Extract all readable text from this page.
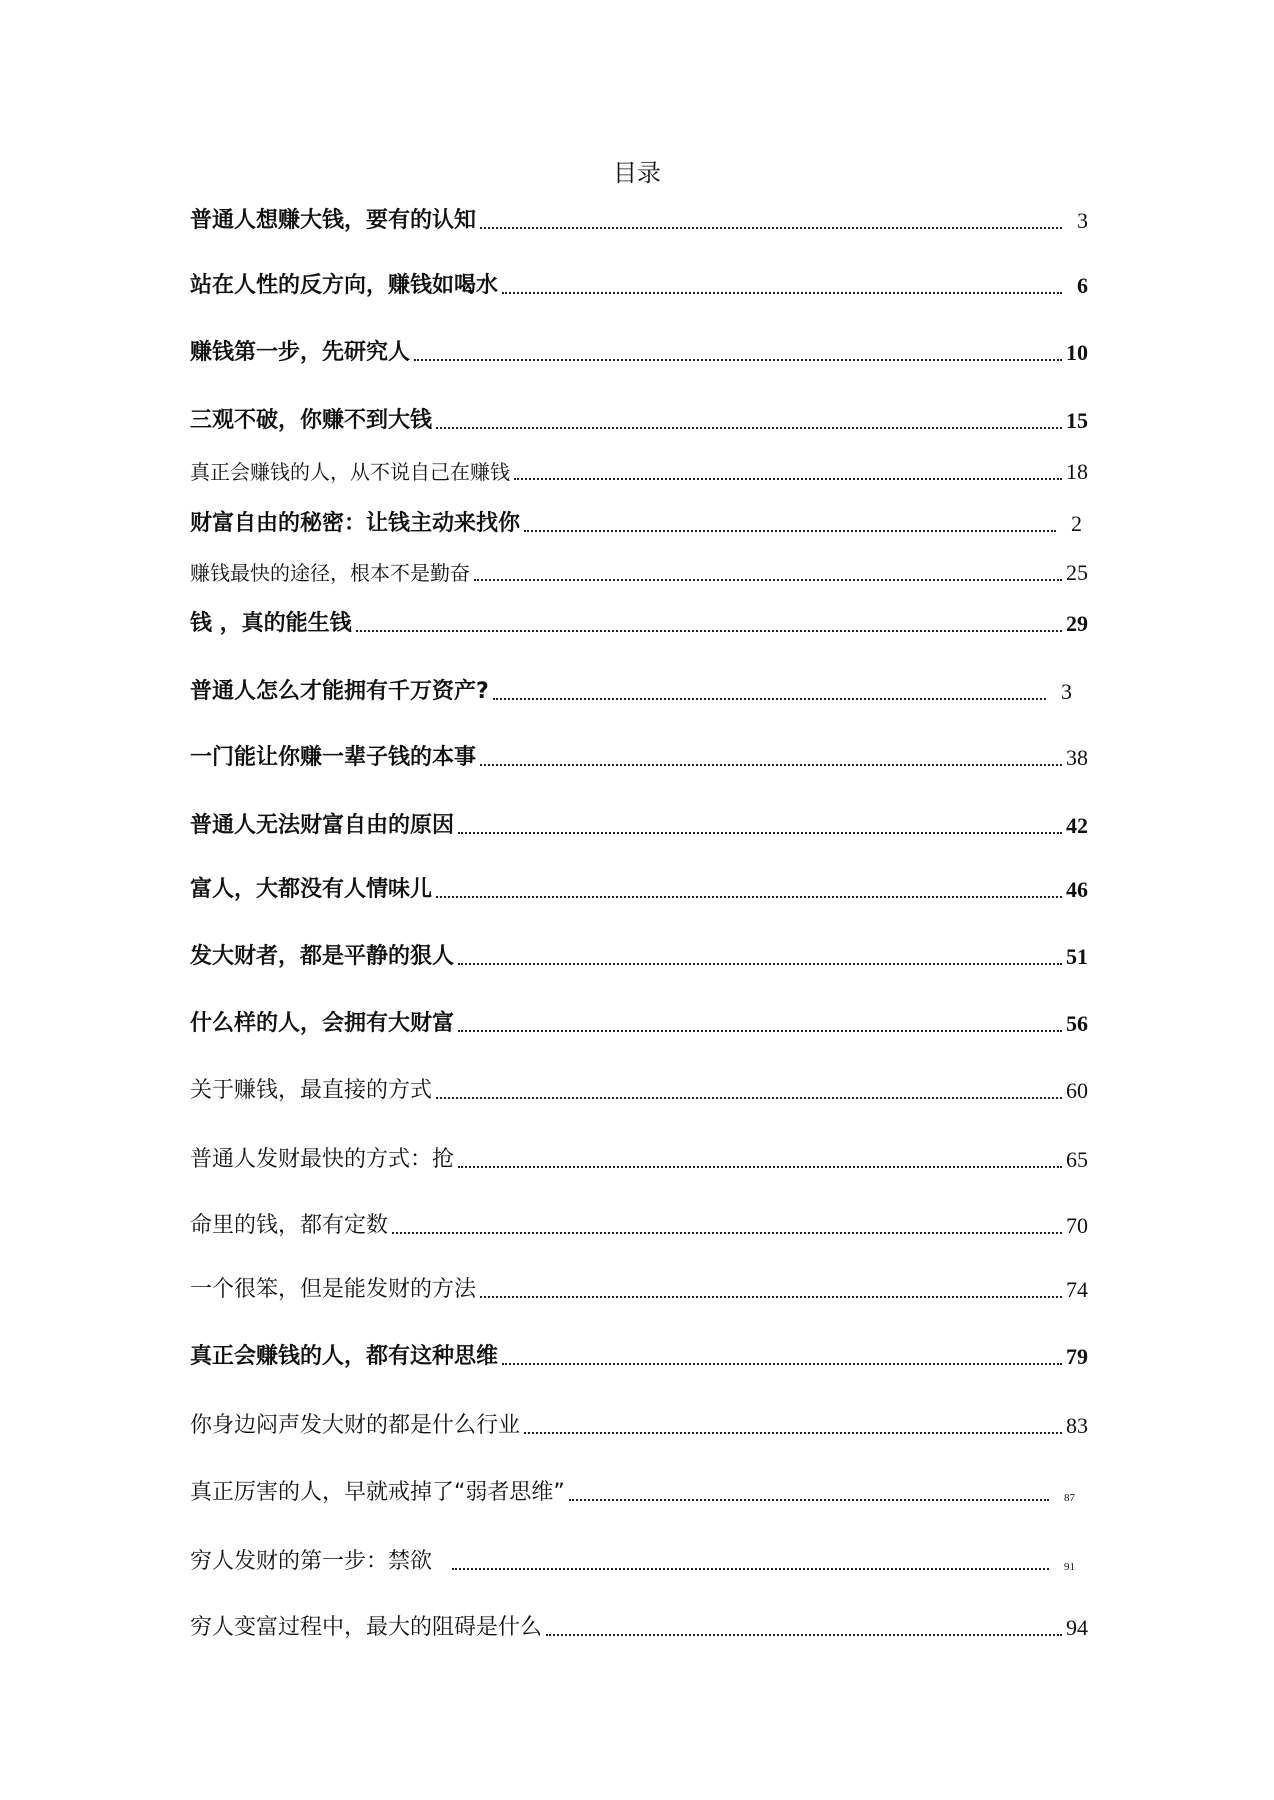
目录
普通人想赚大钱，要有的认知	3
站在人性的反方向，赚钱如喝水	6
赚钱第一步，先研究人	10
三观不破，你赚不到大钱	15
真正会赚钱的人，从不说自己在赚钱	18
财富自由的秘密：让钱主动来找你	2
赚钱最快的途径，根本不是勤奋	25
钱 ，真的能生钱	29
普通人怎么才能拥有千万资产?	3
一门能让你赚一辈子钱的本事	38
普通人无法财富自由的原因	42
富人，大都没有人情味儿	46
发大财者，都是平静的狠人	51
什么样的人，会拥有大财富	56
关于赚钱，最直接的方式	60
普通人发财最快的方式：抢	65
命里的钱，都有定数	70
一个很笨，但是能发财的方法	74
真正会赚钱的人，都有这种思维	79
你身边闷声发大财的都是什么行业	83
真正厉害的人，早就戒掉了“弱者思维”	87
穷人发财的第一步：禁欲	91
穷人变富过程中，最大的阻碍是什么	94
